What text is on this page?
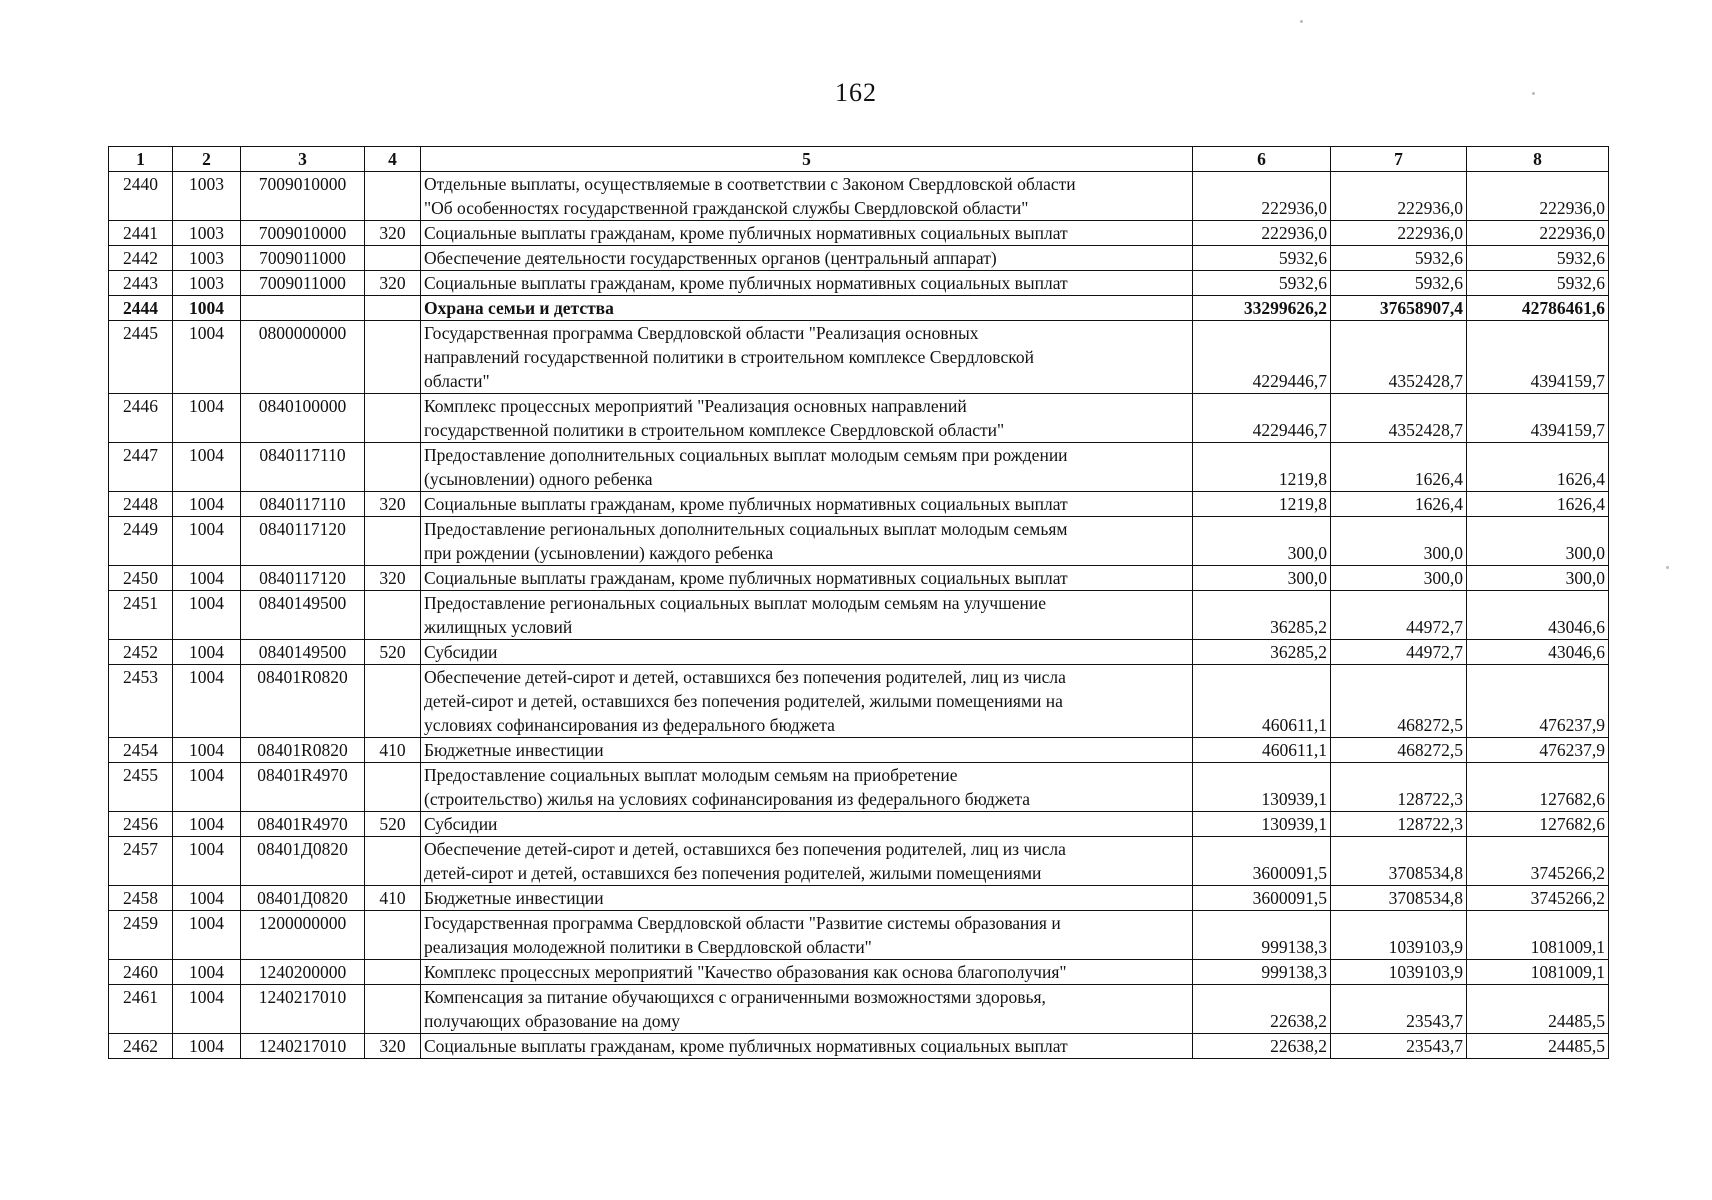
162
1	2	3	4	5	6	7	8
2440	1003	7009010000		Отдельные выплаты, осуществляемые в соответствии с Законом Свердловской области
"Об особенностях государственной гражданской службы Свердловской области"	222936,0	222936,0	222936,0
2441	1003	7009010000	320	Социальные выплаты гражданам, кроме публичных нормативных социальных выплат	222936,0	222936,0	222936,0
2442	1003	7009011000		Обеспечение деятельности государственных органов (центральный аппарат)	5932,6	5932,6	5932,6
2443	1003	7009011000	320	Социальные выплаты гражданам, кроме публичных нормативных социальных выплат	5932,6	5932,6	5932,6
2444	1004			Охрана семьи и детства	33299626,2	37658907,4	42786461,6
2445	1004	0800000000		Государственная программа Свердловской области "Реализация основных
направлений государственной политики в строительном комплексе Свердловской
области"	4229446,7	4352428,7	4394159,7
2446	1004	0840100000		Комплекс процессных мероприятий "Реализация основных направлений
государственной политики в строительном комплексе Свердловской области"	4229446,7	4352428,7	4394159,7
2447	1004	0840117110		Предоставление дополнительных социальных выплат молодым семьям при рождении
(усыновлении) одного ребенка	1219,8	1626,4	1626,4
2448	1004	0840117110	320	Социальные выплаты гражданам, кроме публичных нормативных социальных выплат	1219,8	1626,4	1626,4
2449	1004	0840117120		Предоставление региональных дополнительных социальных выплат молодым семьям
при рождении (усыновлении) каждого ребенка	300,0	300,0	300,0
2450	1004	0840117120	320	Социальные выплаты гражданам, кроме публичных нормативных социальных выплат	300,0	300,0	300,0
2451	1004	0840149500		Предоставление региональных социальных выплат молодым семьям на улучшение
жилищных условий	36285,2	44972,7	43046,6
2452	1004	0840149500	520	Субсидии	36285,2	44972,7	43046,6
2453	1004	08401R0820		Обеспечение детей-сирот и детей, оставшихся без попечения родителей, лиц из числа
детей-сирот и детей, оставшихся без попечения родителей, жилыми помещениями на
условиях софинансирования из федерального бюджета	460611,1	468272,5	476237,9
2454	1004	08401R0820	410	Бюджетные инвестиции	460611,1	468272,5	476237,9
2455	1004	08401R4970		Предоставление социальных выплат молодым семьям на приобретение
(строительство) жилья на условиях софинансирования из федерального бюджета	130939,1	128722,3	127682,6
2456	1004	08401R4970	520	Субсидии	130939,1	128722,3	127682,6
2457	1004	08401Д0820		Обеспечение детей-сирот и детей, оставшихся без попечения родителей, лиц из числа
детей-сирот и детей, оставшихся без попечения родителей, жилыми помещениями	3600091,5	3708534,8	3745266,2
2458	1004	08401Д0820	410	Бюджетные инвестиции	3600091,5	3708534,8	3745266,2
2459	1004	1200000000		Государственная программа Свердловской области "Развитие системы образования и
реализация молодежной политики в Свердловской области"	999138,3	1039103,9	1081009,1
2460	1004	1240200000		Комплекс процессных мероприятий "Качество образования как основа благополучия"	999138,3	1039103,9	1081009,1
2461	1004	1240217010		Компенсация за питание обучающихся с ограниченными возможностями здоровья,
получающих образование на дому	22638,2	23543,7	24485,5
2462	1004	1240217010	320	Социальные выплаты гражданам, кроме публичных нормативных социальных выплат	22638,2	23543,7	24485,5
